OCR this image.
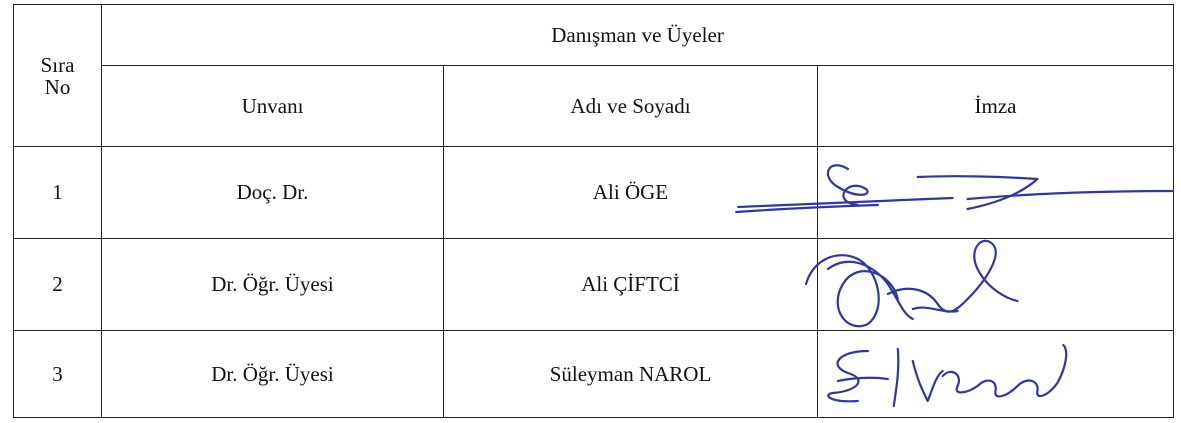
Sıra
No	Danışman ve Üyeler		
	Unvanı	Adı ve Soyadı	İmza
1	Doç. Dr.	Ali ÖGE	

2	Dr. Öğr. Üyesi	Ali ÇİFTCİ	

3	Dr. Öğr. Üyesi	Süleyman NAROL	
